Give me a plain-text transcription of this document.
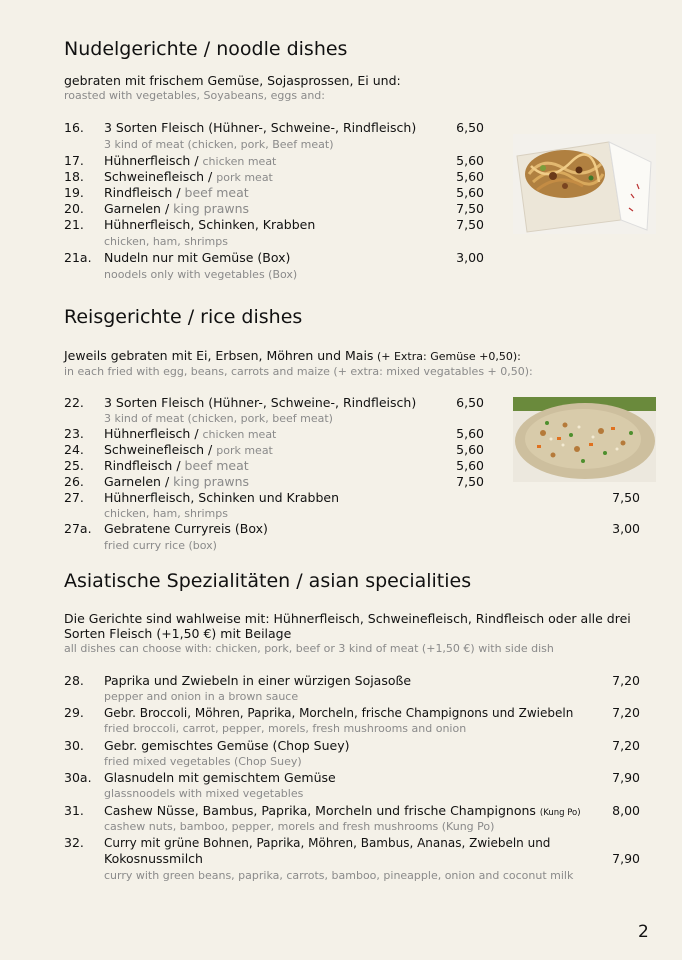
Nudelgerichte / noodle dishes
gebraten mit frischem Gemüse, Sojasprossen, Ei und:
roasted with vegetables, Soyabeans, eggs and:
16.	3 Sorten Fleisch (Hühner-, Schweine-, Rindfleisch)	6,50
3 kind of meat (chicken, pork, Beef meat)
17.	Hühnerfleisch / chicken meat	5,60
18.	Schweinefleisch / pork meat	5,60
19.	Rindfleisch / beef meat	5,60
20.	Garnelen / king prawns	7,50
21.	Hühnerfleisch, Schinken, Krabben	7,50
chicken, ham, shrimps
21a. Nudeln nur mit Gemüse (Box)	3,00
noodels only with vegetables (Box)
Reisgerichte / rice dishes
Jeweils gebraten mit Ei, Erbsen, Möhren und Mais (+ Extra: Gemüse +0,50):
in each fried with egg, beans, carrots and maize (+ extra: mixed vegatables + 0,50):
22.	3 Sorten Fleisch (Hühner-, Schweine-, Rindfleisch)	6,50
3 kind of meat (chicken, pork, beef meat)
23.	Hühnerfleisch / chicken meat	5,60
24.	Schweinefleisch / pork meat	5,60
25.	Rindfleisch / beef meat	5,60
26.	Garnelen / king prawns	7,50
27.	Hühnerfleisch, Schinken und Krabben	7,50
chicken, ham, shrimps
27a. Gebratene Curryreis (Box)	3,00
fried curry rice (box)
Asiatische Spezialitäten / asian specialities
Die Gerichte sind wahlweise mit: Hühnerfleisch, Schweinefleisch, Rindfleisch oder alle drei
Sorten Fleisch (+1,50 €) mit Beilage
all dishes can choose with: chicken, pork, beef or 3 kind of meat (+1,50 €) with side dish
28.	Paprika und Zwiebeln in einer würzigen Sojasoße	7,20
pepper and onion in a brown sauce
29.	Gebr. Broccoli, Möhren, Paprika, Morcheln, frische Champignons und Zwiebeln	7,20
fried broccoli, carrot, pepper, morels, fresh mushrooms and onion
30.	Gebr. gemischtes Gemüse (Chop Suey)	7,20
fried mixed vegetables (Chop Suey)
30a. Glasnudeln mit gemischtem Gemüse	7,90
glassnoodels with mixed vegetables
31.	Cashew Nüsse, Bambus, Paprika, Morcheln und frische Champignons (Kung Po)	8,00
cashew nuts, bamboo, pepper, morels and fresh mushrooms (Kung Po)
32.	Curry mit grüne Bohnen, Paprika, Möhren, Bambus, Ananas, Zwiebeln und
Kokosnussmilch	7,90
curry with green beans, paprika, carrots, bamboo, pineapple, onion and coconut milk
2
